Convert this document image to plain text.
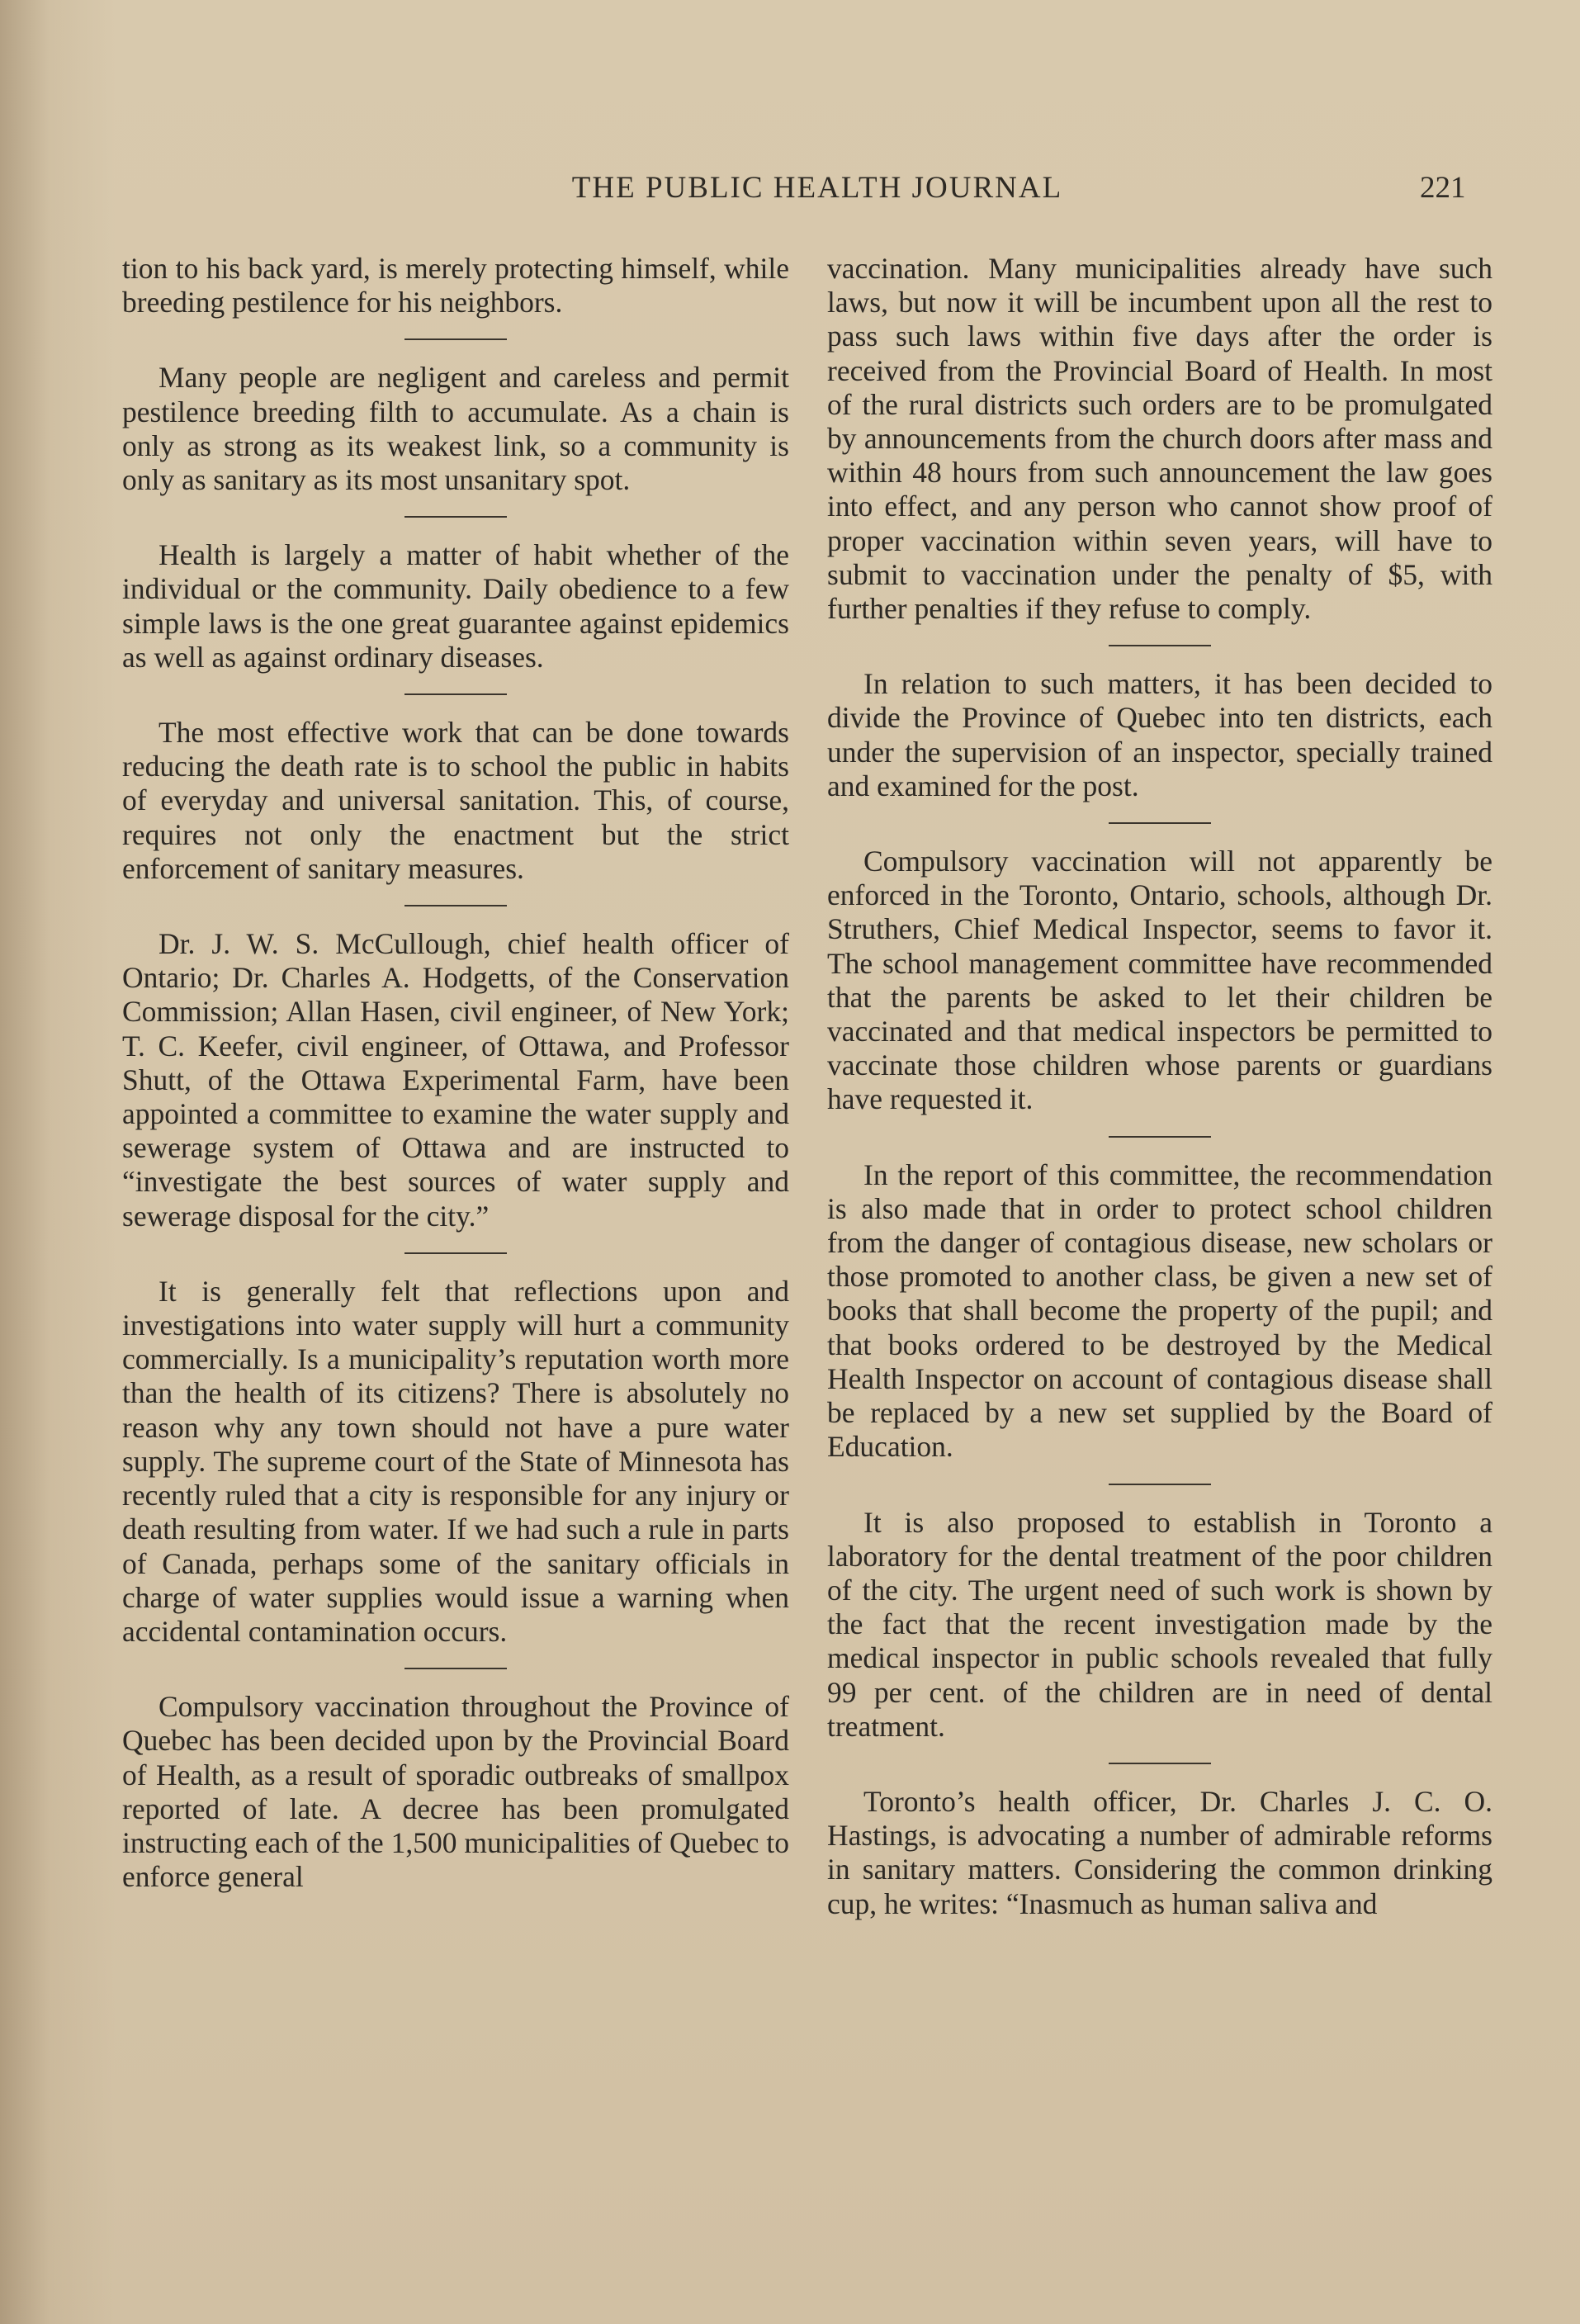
THE PUBLIC HEALTH JOURNAL	221

tion to his back yard, is merely protecting himself, while breeding pestilence for his neighbors.

Many people are negligent and careless and permit pestilence breeding filth to accumulate. As a chain is only as strong as its weakest link, so a community is only as sanitary as its most unsanitary spot.

Health is largely a matter of habit whether of the individual or the community. Daily obedience to a few simple laws is the one great guarantee against epidemics as well as against ordinary diseases.

The most effective work that can be done towards reducing the death rate is to school the public in habits of everyday and universal sanitation. This, of course, requires not only the enactment but the strict enforcement of sanitary measures.

Dr. J. W. S. McCullough, chief health officer of Ontario; Dr. Charles A. Hodgetts, of the Conservation Commission; Allan Hasen, civil engineer, of New York; T. C. Keefer, civil engineer, of Ottawa, and Professor Shutt, of the Ottawa Experimental Farm, have been appointed a committee to examine the water supply and sewerage system of Ottawa and are instructed to “investigate the best sources of water supply and sewerage disposal for the city.”

It is generally felt that reflections upon and investigations into water supply will hurt a community commercially. Is a municipality’s reputation worth more than the health of its citizens? There is absolutely no reason why any town should not have a pure water supply. The supreme court of the State of Minnesota has recently ruled that a city is responsible for any injury or death resulting from water. If we had such a rule in parts of Canada, perhaps some of the sanitary officials in charge of water supplies would issue a warning when accidental contamination occurs.

Compulsory vaccination throughout the Province of Quebec has been decided upon by the Provincial Board of Health, as a result of sporadic outbreaks of smallpox reported of late. A decree has been promulgated instructing each of the 1,500 municipalities of Quebec to enforce general

vaccination. Many municipalities already have such laws, but now it will be incumbent upon all the rest to pass such laws within five days after the order is received from the Provincial Board of Health. In most of the rural districts such orders are to be promulgated by announcements from the church doors after mass and within 48 hours from such announcement the law goes into effect, and any person who cannot show proof of proper vaccination within seven years, will have to submit to vaccination under the penalty of $5, with further penalties if they refuse to comply.

In relation to such matters, it has been decided to divide the Province of Quebec into ten districts, each under the supervision of an inspector, specially trained and examined for the post.

Compulsory vaccination will not apparently be enforced in the Toronto, Ontario, schools, although Dr. Struthers, Chief Medical Inspector, seems to favor it. The school management committee have recommended that the parents be asked to let their children be vaccinated and that medical inspectors be permitted to vaccinate those children whose parents or guardians have requested it.

In the report of this committee, the recommendation is also made that in order to protect school children from the danger of contagious disease, new scholars or those promoted to another class, be given a new set of books that shall become the property of the pupil; and that books ordered to be destroyed by the Medical Health Inspector on account of contagious disease shall be replaced by a new set supplied by the Board of Education.

It is also proposed to establish in Toronto a laboratory for the dental treatment of the poor children of the city. The urgent need of such work is shown by the fact that the recent investigation made by the medical inspector in public schools revealed that fully 99 per cent. of the children are in need of dental treatment.

Toronto’s health officer, Dr. Charles J. C. O. Hastings, is advocating a number of admirable reforms in sanitary matters. Considering the common drinking cup, he writes: “Inasmuch as human saliva and
